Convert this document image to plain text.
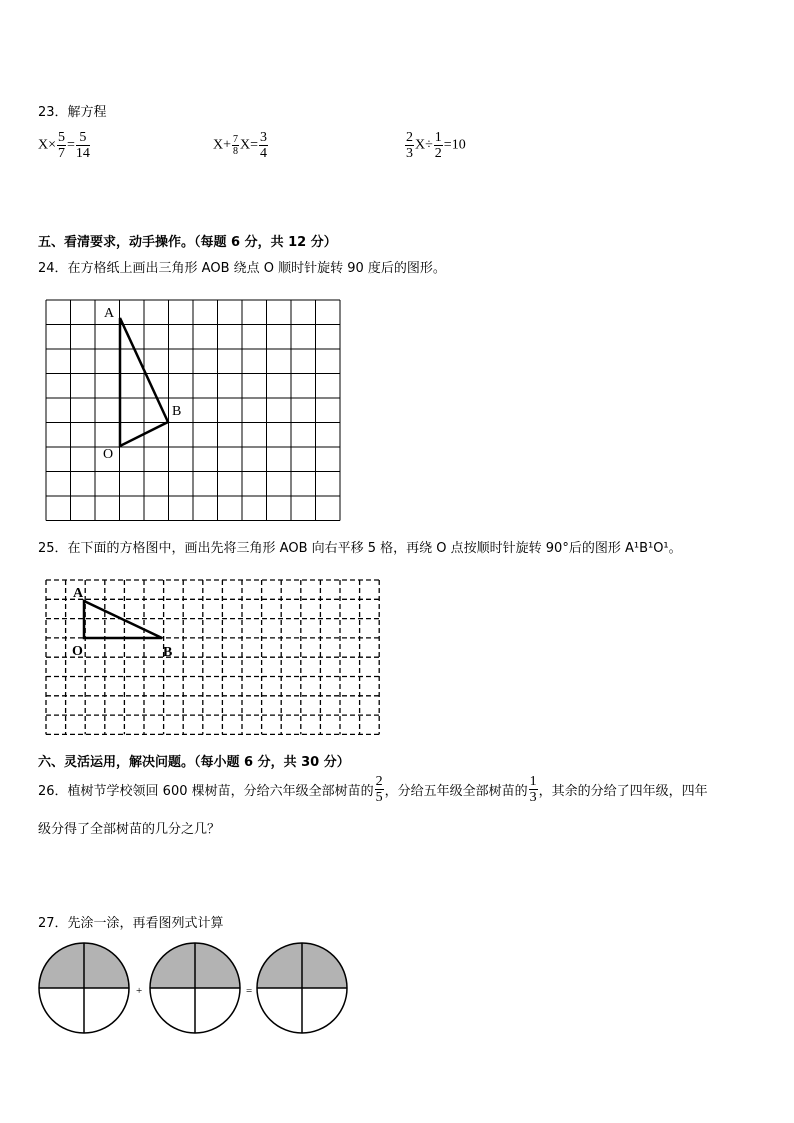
23．解方程
$X\times \frac{5}{7} = \frac{5}{14}$	$X+ \frac{7}{8} X= \frac{3}{4}$	$\frac{2}{3} X\div \frac{1}{2} =10$
五、看清要求，动手操作。（每题 6 分，共 12 分）
24．在方格纸上画出三角形 AOB 绕点 O 顺时针旋转 90 度后的图形。
A
B
O
25．在下面的方格图中，画出先将三角形 AOB 向右平移 5 格，再绕 O 点按顺时针旋转 90°后的图形 A¹B¹O¹。
A
O	B
六、灵活运用，解决问题。（每小题 6 分，共 30 分）
26．植树节学校领回 600 棵树苗，分给六年级全部树苗的 $\frac{2}{5}$ ，分给五年级全部树苗的 $\frac{1}{3}$ ，其余的分给了四年级，四年
级分得了全部树苗的几分之几？
27．先涂一涂，再看图列式计算
+	=
